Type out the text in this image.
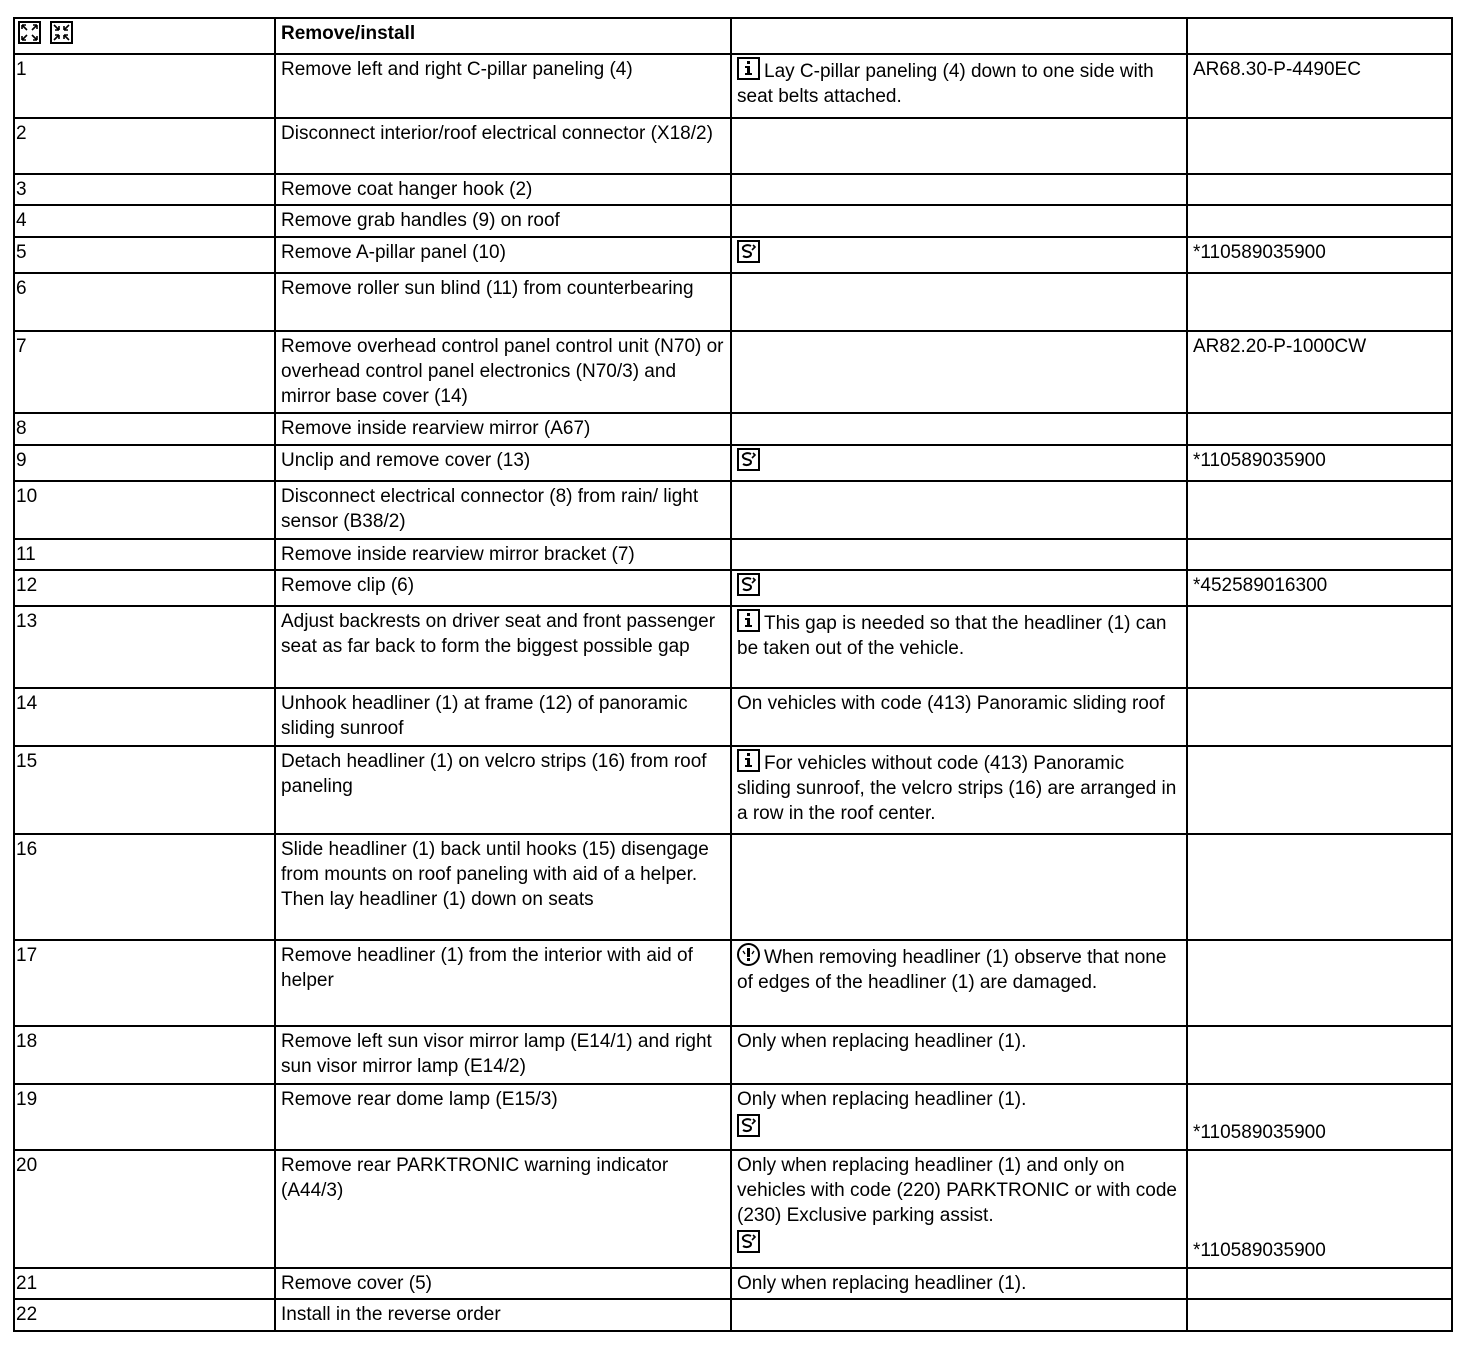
	Remove/install		
1	Remove left and right C-pillar paneling (4)	Lay C-pillar paneling (4) down to one side with seat belts attached.	AR68.30-P-4490EC
2	Disconnect interior/roof electrical connector (X18/2)		
3	Remove coat hanger hook (2)		
4	Remove grab handles (9) on roof		
5	Remove A-pillar panel (10)		*110589035900
6	Remove roller sun blind (11) from counterbearing		
7	Remove overhead control panel control unit (N70) or overhead control panel electronics (N70/3) and mirror base cover (14)		AR82.20-P-1000CW
8	Remove inside rearview mirror (A67)		
9	Unclip and remove cover (13)		*110589035900
10	Disconnect electrical connector (8) from rain/ light sensor (B38/2)		
11	Remove inside rearview mirror bracket (7)		
12	Remove clip (6)		*452589016300
13	Adjust backrests on driver seat and front passenger seat as far back to form the biggest possible gap	This gap is needed so that the headliner (1) can be taken out of the vehicle.	
14	Unhook headliner (1) at frame (12) of panoramic sliding sunroof	On vehicles with code (413) Panoramic sliding roof	
15	Detach headliner (1) on velcro strips (16) from roof paneling	For vehicles without code (413) Panoramic sliding sunroof, the velcro strips (16) are arranged in a row in the roof center.	
16	Slide headliner (1) back until hooks (15) disengage from mounts on roof paneling with aid of a helper. Then lay headliner (1) down on seats		
17	Remove headliner (1) from the interior with aid of helper	When removing headliner (1) observe that none of edges of the headliner (1) are damaged.	
18	Remove left sun visor mirror lamp (E14/1) and right sun visor mirror lamp (E14/2)	Only when replacing headliner (1).	
19	Remove rear dome lamp (E15/3)	Only when replacing headliner (1).	*110589035900
20	Remove rear PARKTRONIC warning indicator (A44/3)	Only when replacing headliner (1) and only on vehicles with code (220) PARKTRONIC or with code (230) Exclusive parking assist.	*110589035900
21	Remove cover (5)	Only when replacing headliner (1).	
22	Install in the reverse order		
